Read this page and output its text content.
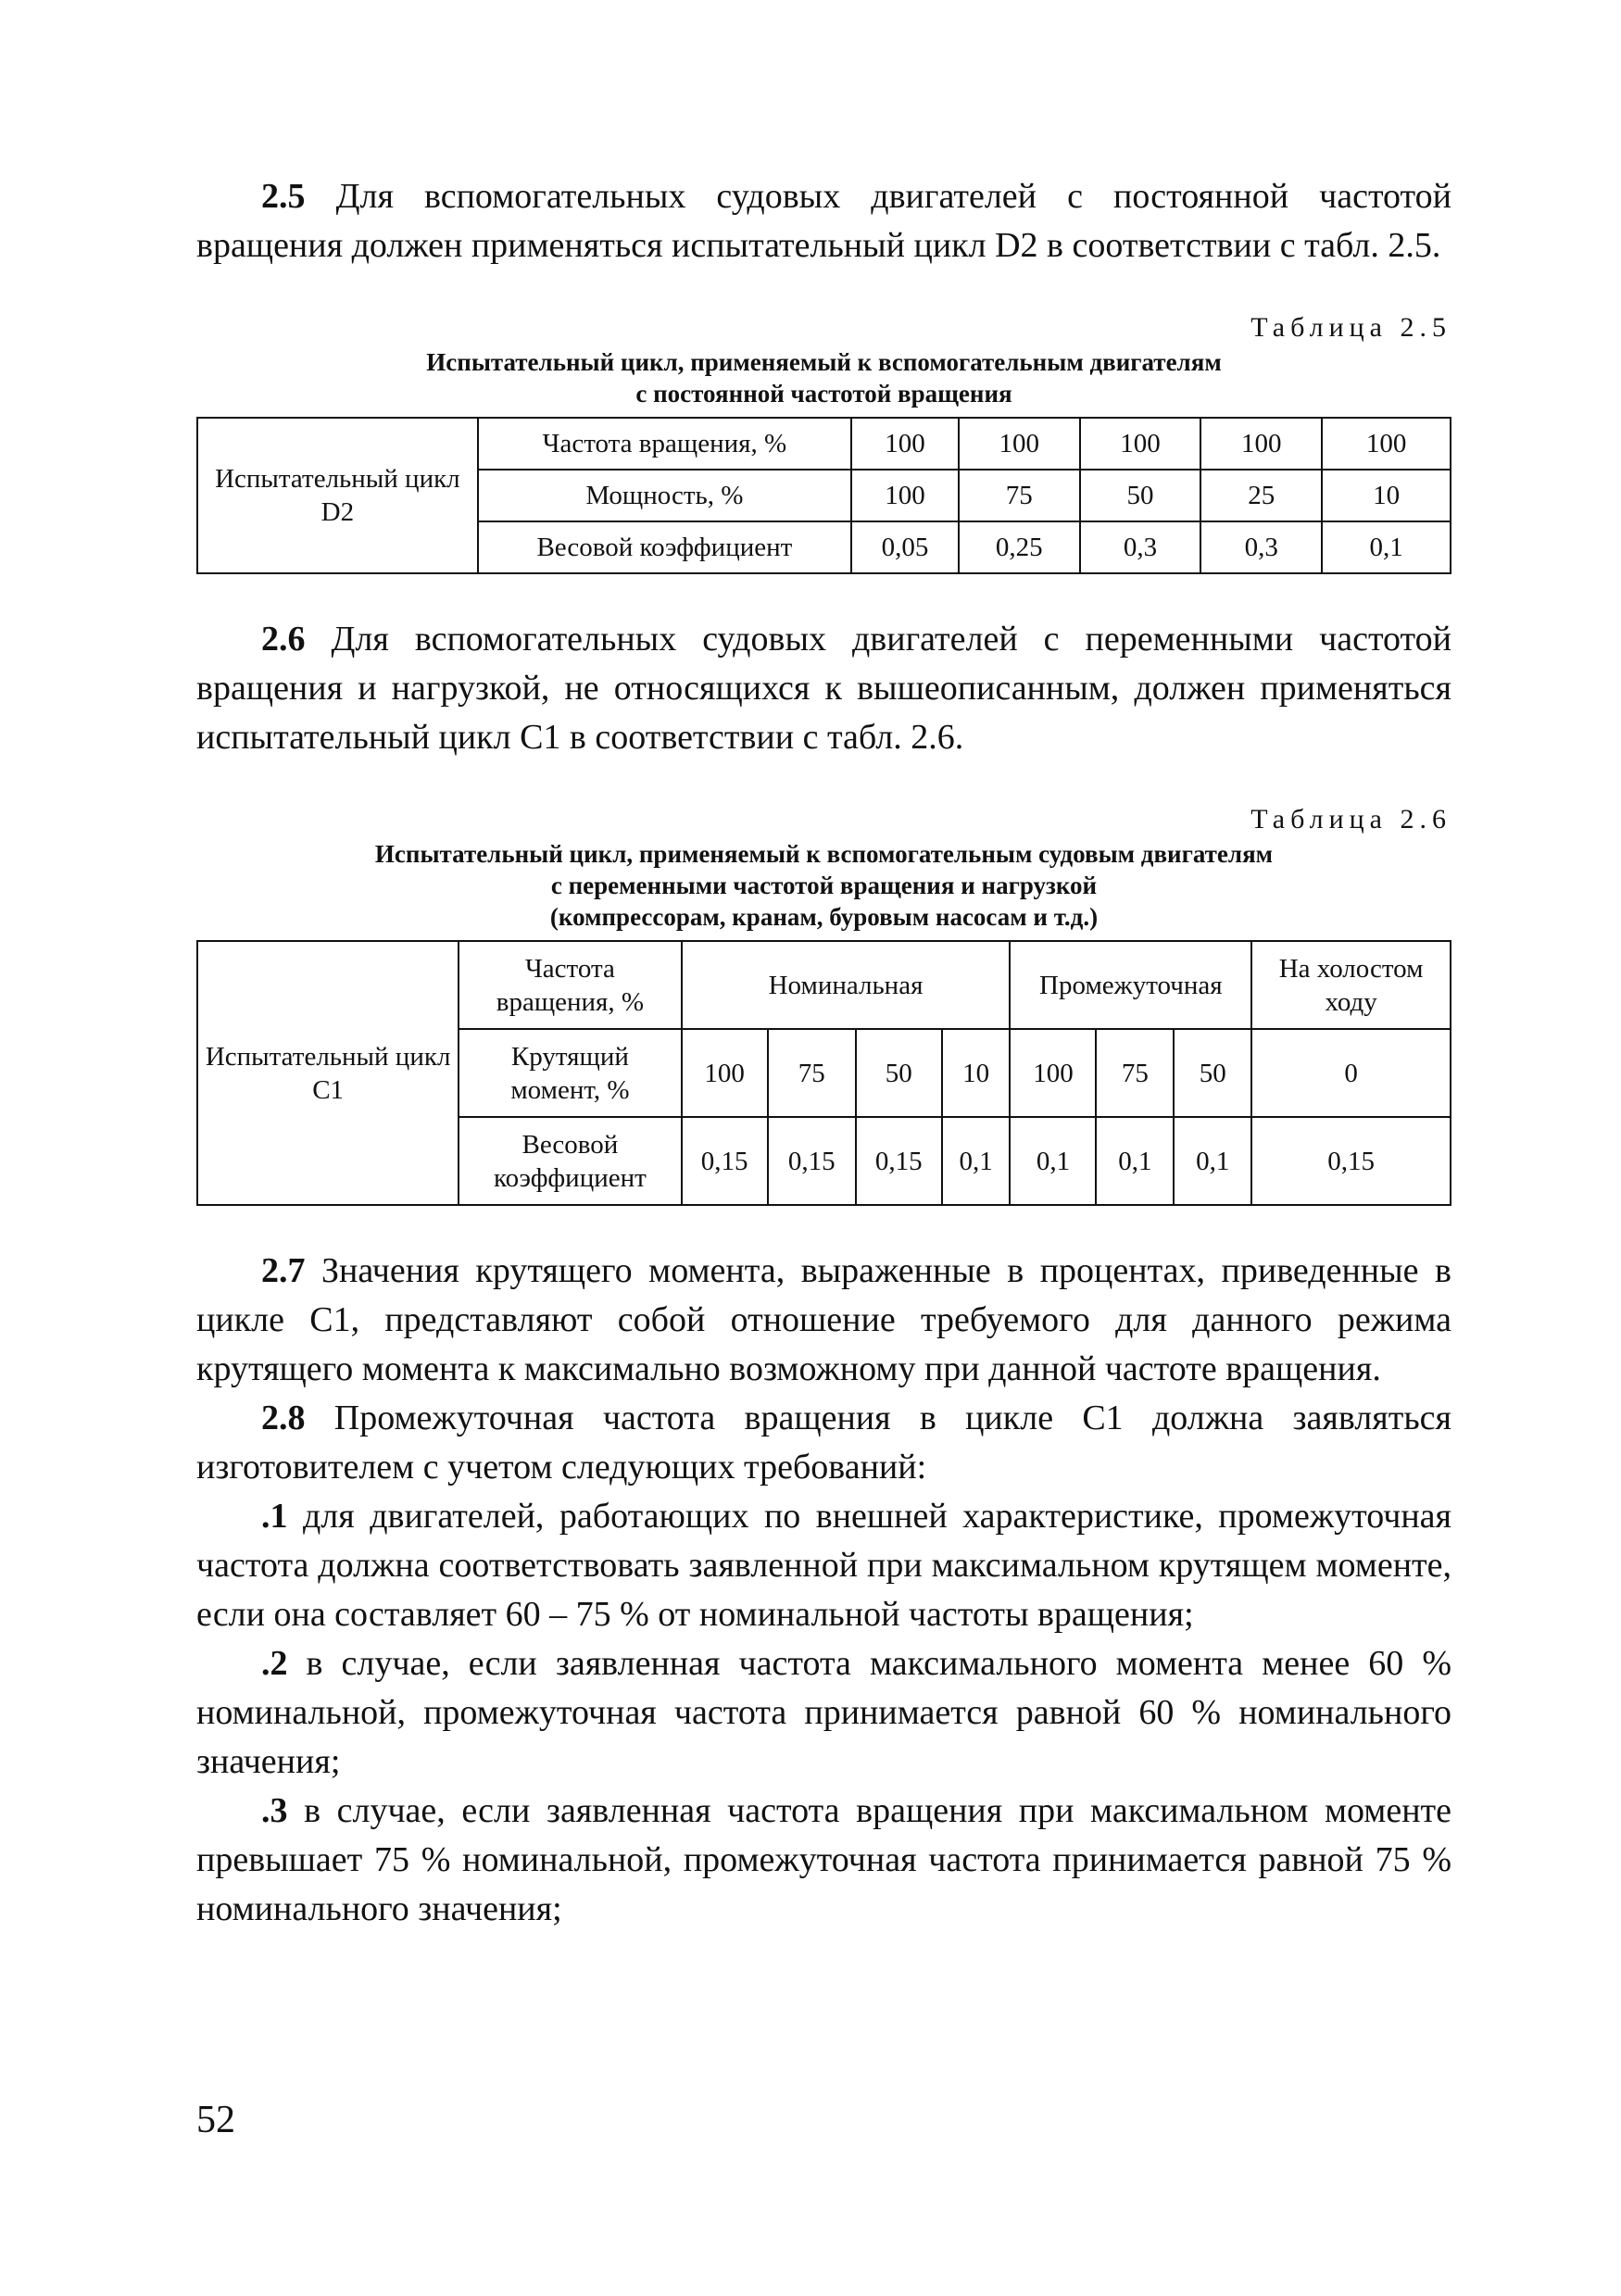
2.5 Для вспомогательных судовых двигателей с постоянной частотой вращения должен применяться испытательный цикл D2 в соответствии с табл. 2.5.

Таблица 2.5
Испытательный цикл, применяемый к вспомогательным двигателям
с постоянной частотой вращения
Испытательный цикл D2	Частота вращения, %	100	100	100	100	100
	Мощность, %	100	75	50	25	10
	Весовой коэффициент	0,05	0,25	0,3	0,3	0,1

2.6 Для вспомогательных судовых двигателей с переменными частотой вращения и нагрузкой, не относящихся к вышеописанным, должен применяться испытательный цикл С1 в соответствии с табл. 2.6.

Таблица 2.6
Испытательный цикл, применяемый к вспомогательным судовым двигателям
с переменными частотой вращения и нагрузкой
(компрессорам, кранам, буровым насосам и т.д.)
Испытательный цикл С1	Частота вращения, %	Номинальная				Промежуточная			На холостом ходу
	Крутящий момент, %	100	75	50	10	100	75	50	0
	Весовой коэффициент	0,15	0,15	0,15	0,1	0,1	0,1	0,1	0,15

2.7 Значения крутящего момента, выраженные в процентах, приведенные в цикле С1, представляют собой отношение требуемого для данного режима крутящего момента к максимально возможному при данной частоте вращения.

2.8 Промежуточная частота вращения в цикле С1 должна заявляться изготовителем с учетом следующих требований:

.1 для двигателей, работающих по внешней характеристике, промежуточная частота должна соответствовать заявленной при максимальном крутящем моменте, если она составляет 60 – 75 % от номинальной частоты вращения;

.2 в случае, если заявленная частота максимального момента менее 60 % номинальной, промежуточная частота принимается равной 60 % номинального значения;

.3 в случае, если заявленная частота вращения при максимальном моменте превышает 75 % номинальной, промежуточная частота принимается равной 75 % номинального значения;

52
